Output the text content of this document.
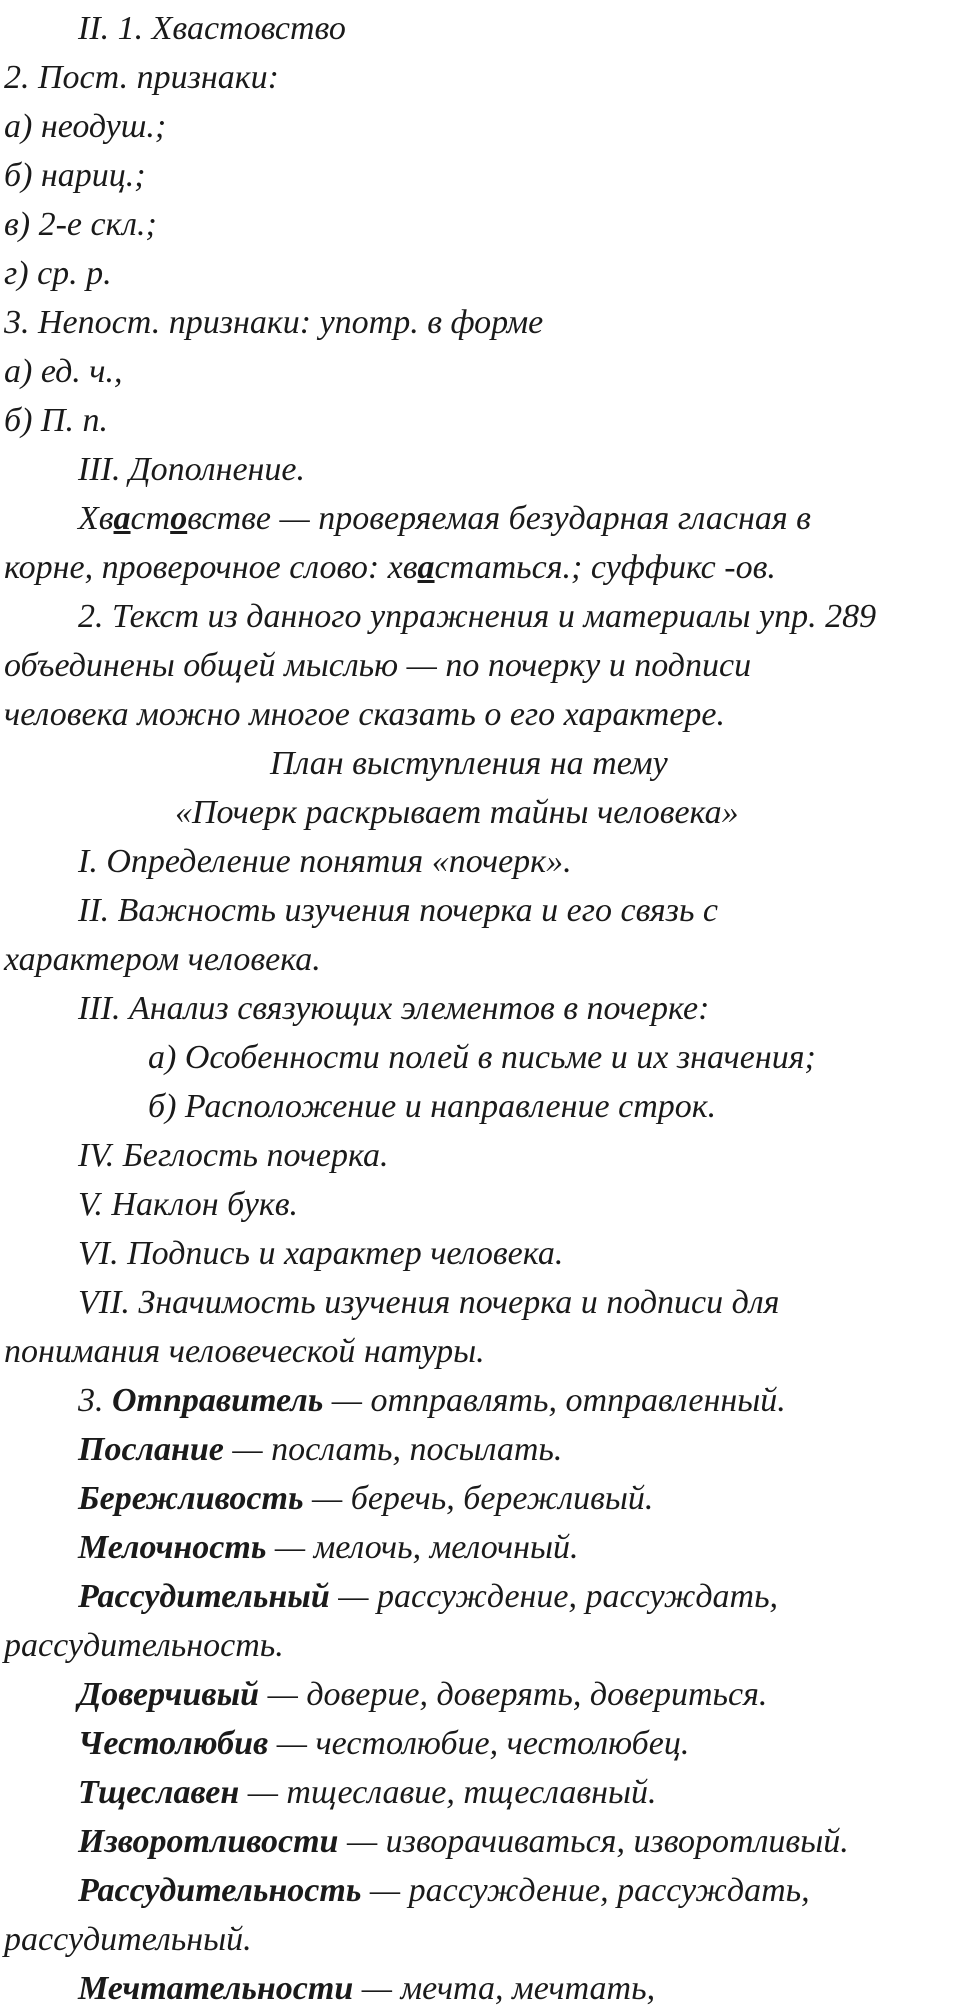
II. 1. Хвастовство
2. Пост. признаки:
а) неодуш.;
б) нариц.;
в) 2-е скл.;
г) ср. р.
3. Непост. признаки: употр. в форме
а) ед. ч.,
б) П. п.
III. Дополнение.
Хвастовстве — проверяемая безударная гласная в
корне, проверочное слово: хвастаться.; суффикс -ов.
2. Текст из данного упражнения и материалы упр. 289
объединены общей мыслью — по почерку и подписи
человека можно многое сказать о его характере.
План выступления на тему
«Почерк раскрывает тайны человека»
I. Определение понятия «почерк».
II. Важность изучения почерка и его связь с
характером человека.
III. Анализ связующих элементов в почерке:
а) Особенности полей в письме и их значения;
б) Расположение и направление строк.
IV. Беглость почерка.
V. Наклон букв.
VI. Подпись и характер человека.
VII. Значимость изучения почерка и подписи для
понимания человеческой натуры.
3. Отправитель — отправлять, отправленный.
Послание — послать, посылать.
Бережливость — беречь, бережливый.
Мелочность — мелочь, мелочный.
Рассудительный — рассуждение, рассуждать,
рассудительность.
Доверчивый — доверие, доверять, довериться.
Честолюбив — честолюбие, честолюбец.
Тщеславен — тщеславие, тщеславный.
Изворотливости — изворачиваться, изворотливый.
Рассудительность — рассуждение, рассуждать,
рассудительный.
Мечтательности — мечта, мечтать,
